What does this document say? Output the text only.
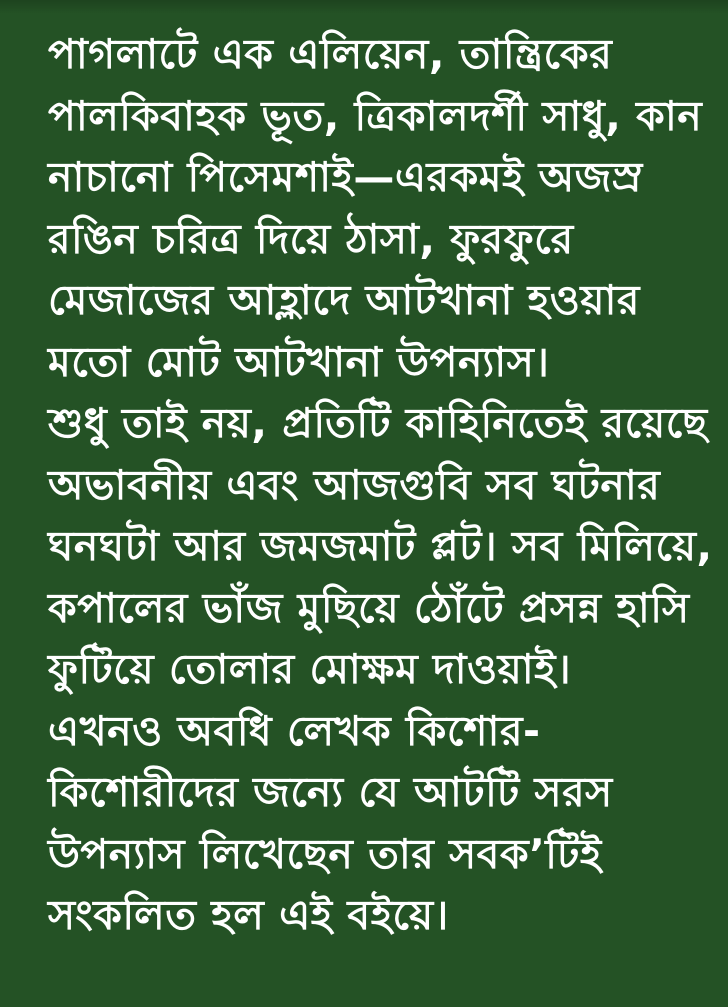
পাগলাটে এক এলিয়েন, তান্ত্রিকের

পালকিবাহক ভূত, ত্রিকালদর্শী সাধু, কান

নাচানো পিসেমশাই—এরকমই অজস্র

রঙিন চরিত্র দিয়ে ঠাসা, ফুরফুরে

মেজাজের আহ্লাদে আটখানা হওয়ার

মতো মোট আটখানা উপন্যাস।

শুধু তাই নয়, প্রতিটি কাহিনিতেই রয়েছে

অভাবনীয় এবং আজগুবি সব ঘটনার

ঘনঘটা আর জমজমাট প্লট। সব মিলিয়ে,

কপালের ভাঁজ মুছিয়ে ঠোঁটে প্রসন্ন হাসি

ফুটিয়ে তোলার মোক্ষম দাওয়াই।

এখনও অবধি লেখক কিশোর-

কিশোরীদের জন্যে যে আটটি সরস

উপন্যাস লিখেছেন তার সবক’টিই

সংকলিত হল এই বইয়ে।
